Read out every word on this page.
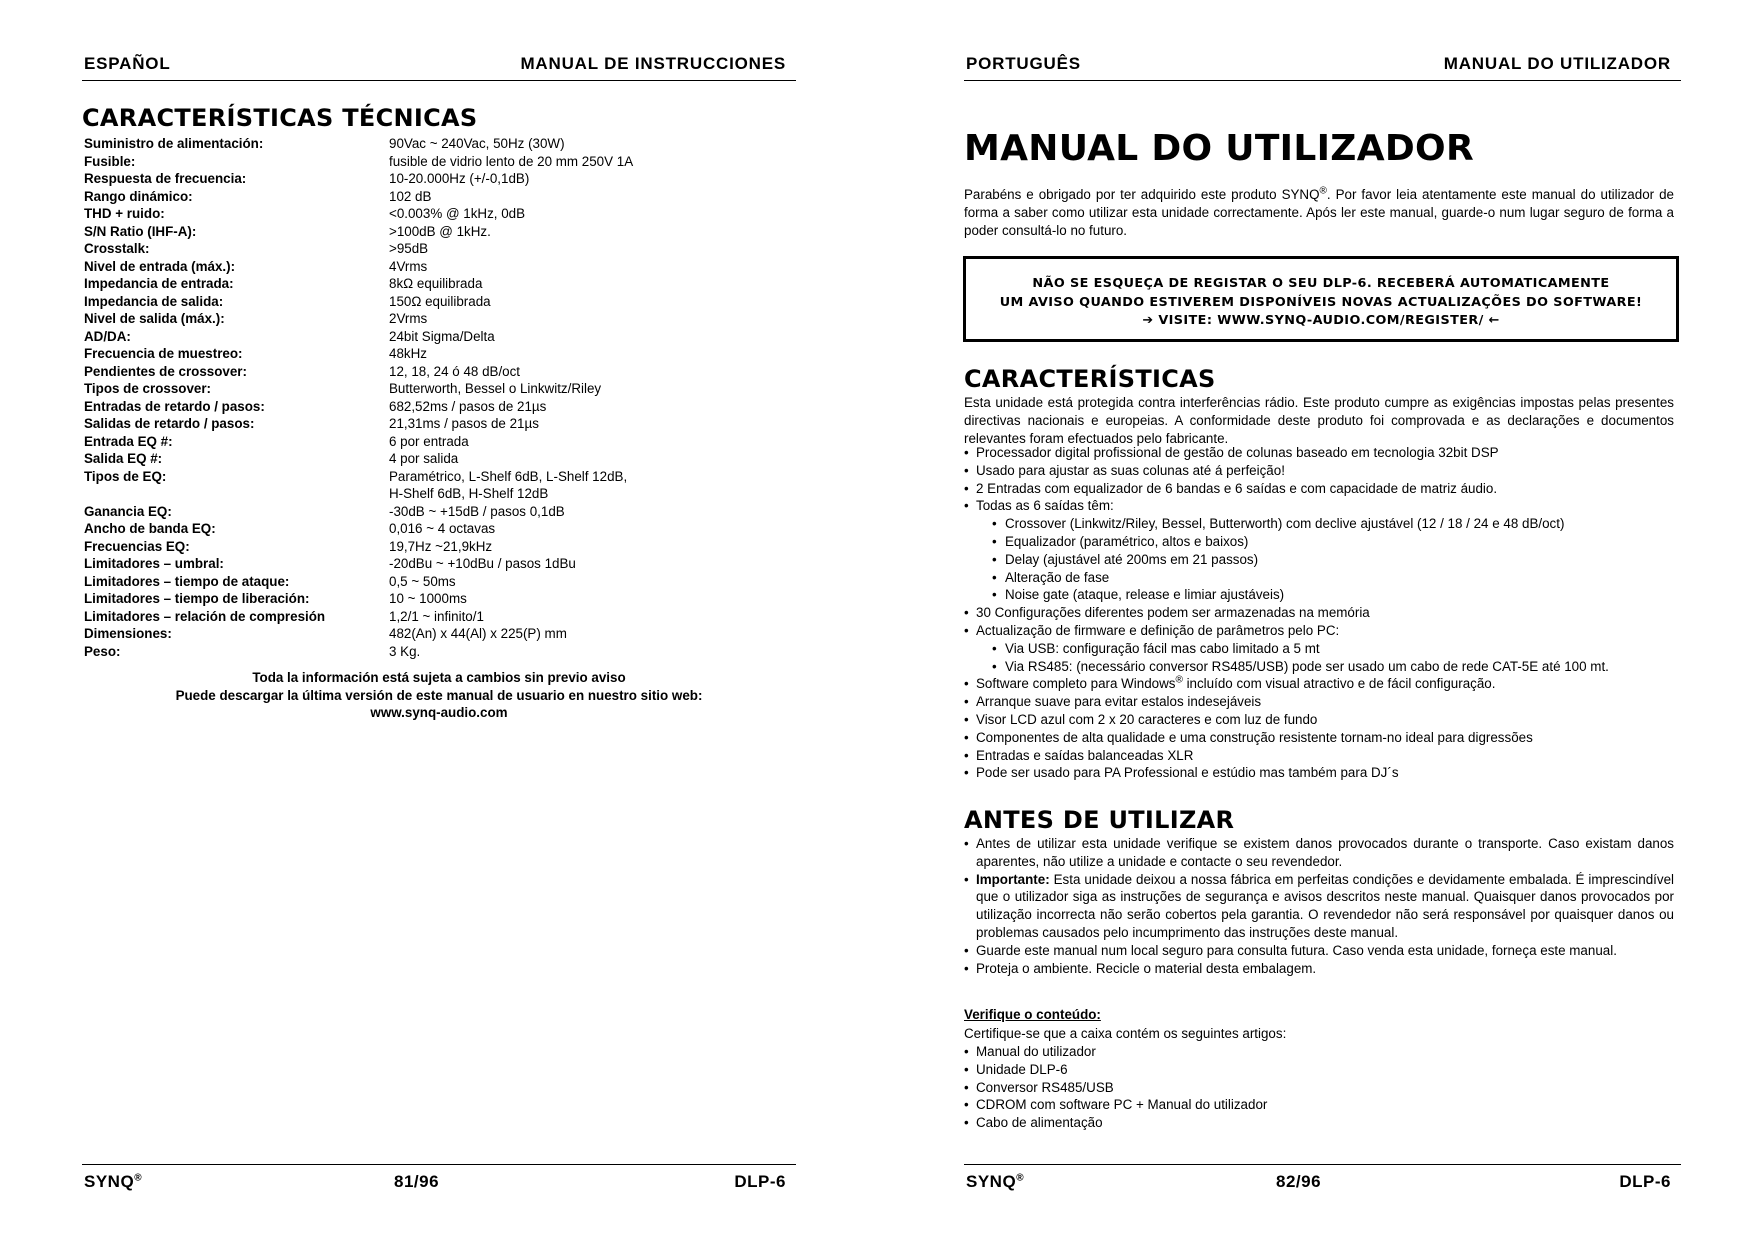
ESPAÑOL	MANUAL DE INSTRUCCIONES
CARACTERÍSTICAS TÉCNICAS
Suministro de alimentación:	90Vac ~ 240Vac, 50Hz (30W)
Fusible:	fusible de vidrio lento de 20 mm 250V 1A
Respuesta de frecuencia:	10-20.000Hz (+/-0,1dB)
Rango dinámico:	102 dB
THD + ruido:	<0.003% @ 1kHz, 0dB
S/N Ratio (IHF-A):	>100dB @ 1kHz.
Crosstalk:	>95dB
Nivel de entrada (máx.):	4Vrms
Impedancia de entrada:	8kΩ equilibrada
Impedancia de salida:	150Ω equilibrada
Nivel de salida (máx.):	2Vrms
AD/DA:	24bit Sigma/Delta
Frecuencia de muestreo:	48kHz
Pendientes de crossover:	12, 18, 24 ó 48 dB/oct
Tipos de crossover:	Butterworth, Bessel o Linkwitz/Riley
Entradas de retardo / pasos:	682,52ms / pasos de 21µs
Salidas de retardo / pasos:	21,31ms / pasos de 21µs
Entrada EQ #:	6 por entrada
Salida EQ #:	4 por salida
Tipos de EQ:	Paramétrico, L-Shelf 6dB, L-Shelf 12dB,
H-Shelf 6dB, H-Shelf 12dB
Ganancia EQ:	-30dB ~ +15dB / pasos 0,1dB
Ancho de banda EQ:	0,016 ~ 4 octavas
Frecuencias EQ:	19,7Hz ~21,9kHz
Limitadores – umbral:	-20dBu ~ +10dBu / pasos 1dBu
Limitadores – tiempo de ataque:	0,5 ~ 50ms
Limitadores – tiempo de liberación:	10 ~ 1000ms
Limitadores – relación de compresión	1,2/1 ~ infinito/1
Dimensiones:	482(An) x 44(Al) x 225(P) mm
Peso:	3 Kg.
Toda la información está sujeta a cambios sin previo aviso
Puede descargar la última versión de este manual de usuario en nuestro sitio web:
www.synq-audio.com
SYNQ®	81/96	DLP-6
PORTUGUÊS	MANUAL DO UTILIZADOR
MANUAL DO UTILIZADOR
Parabéns e obrigado por ter adquirido este produto SYNQ®. Por favor leia atentamente este manual do utilizador de forma a saber como utilizar esta unidade correctamente. Após ler este manual, guarde-o num lugar seguro de forma a poder consultá-lo no futuro.
NÃO SE ESQUEÇA DE REGISTAR O SEU DLP-6. RECEBERÁ AUTOMATICAMENTE
UM AVISO QUANDO ESTIVEREM DISPONÍVEIS NOVAS ACTUALIZAÇÕES DO SOFTWARE!
➔ VISITE: WWW.SYNQ-AUDIO.COM/REGISTER/ ←
CARACTERÍSTICAS
Esta unidade está protegida contra interferências rádio. Este produto cumpre as exigências impostas pelas presentes directivas nacionais e europeias. A conformidade deste produto foi comprovada e as declarações e documentos relevantes foram efectuados pelo fabricante.
• Processador digital profissional de gestão de colunas baseado em tecnologia 32bit DSP
• Usado para ajustar as suas colunas até á perfeição!
• 2 Entradas com equalizador de 6 bandas e 6 saídas e com capacidade de matriz áudio.
• Todas as 6 saídas têm:
• Crossover (Linkwitz/Riley, Bessel, Butterworth) com declive ajustável (12 / 18 / 24 e 48 dB/oct)
• Equalizador (paramétrico, altos e baixos)
• Delay (ajustável até 200ms em 21 passos)
• Alteração de fase
• Noise gate (ataque, release e limiar ajustáveis)
• 30 Configurações diferentes podem ser armazenadas na memória
• Actualização de firmware e definição de parâmetros pelo PC:
• Via USB: configuração fácil mas cabo limitado a 5 mt
• Via RS485: (necessário conversor RS485/USB) pode ser usado um cabo de rede CAT-5E até 100 mt.
• Software completo para Windows® incluído com visual atractivo e de fácil configuração.
• Arranque suave para evitar estalos indesejáveis
• Visor LCD azul com 2 x 20 caracteres e com luz de fundo
• Componentes de alta qualidade e uma construção resistente tornam-no ideal para digressões
• Entradas e saídas balanceadas XLR
• Pode ser usado para PA Professional e estúdio mas também para DJ´s
ANTES DE UTILIZAR
• Antes de utilizar esta unidade verifique se existem danos provocados durante o transporte. Caso existam danos aparentes, não utilize a unidade e contacte o seu revendedor.
• Importante: Esta unidade deixou a nossa fábrica em perfeitas condições e devidamente embalada. É imprescindível que o utilizador siga as instruções de segurança e avisos descritos neste manual. Quaisquer danos provocados por utilização incorrecta não serão cobertos pela garantia. O revendedor não será responsável por quaisquer danos ou problemas causados pelo incumprimento das instruções deste manual.
• Guarde este manual num local seguro para consulta futura. Caso venda esta unidade, forneça este manual.
• Proteja o ambiente. Recicle o material desta embalagem.
Verifique o conteúdo:
Certifique-se que a caixa contém os seguintes artigos:
• Manual do utilizador
• Unidade DLP-6
• Conversor RS485/USB
• CDROM com software PC + Manual do utilizador
• Cabo de alimentação
SYNQ®	82/96	DLP-6
